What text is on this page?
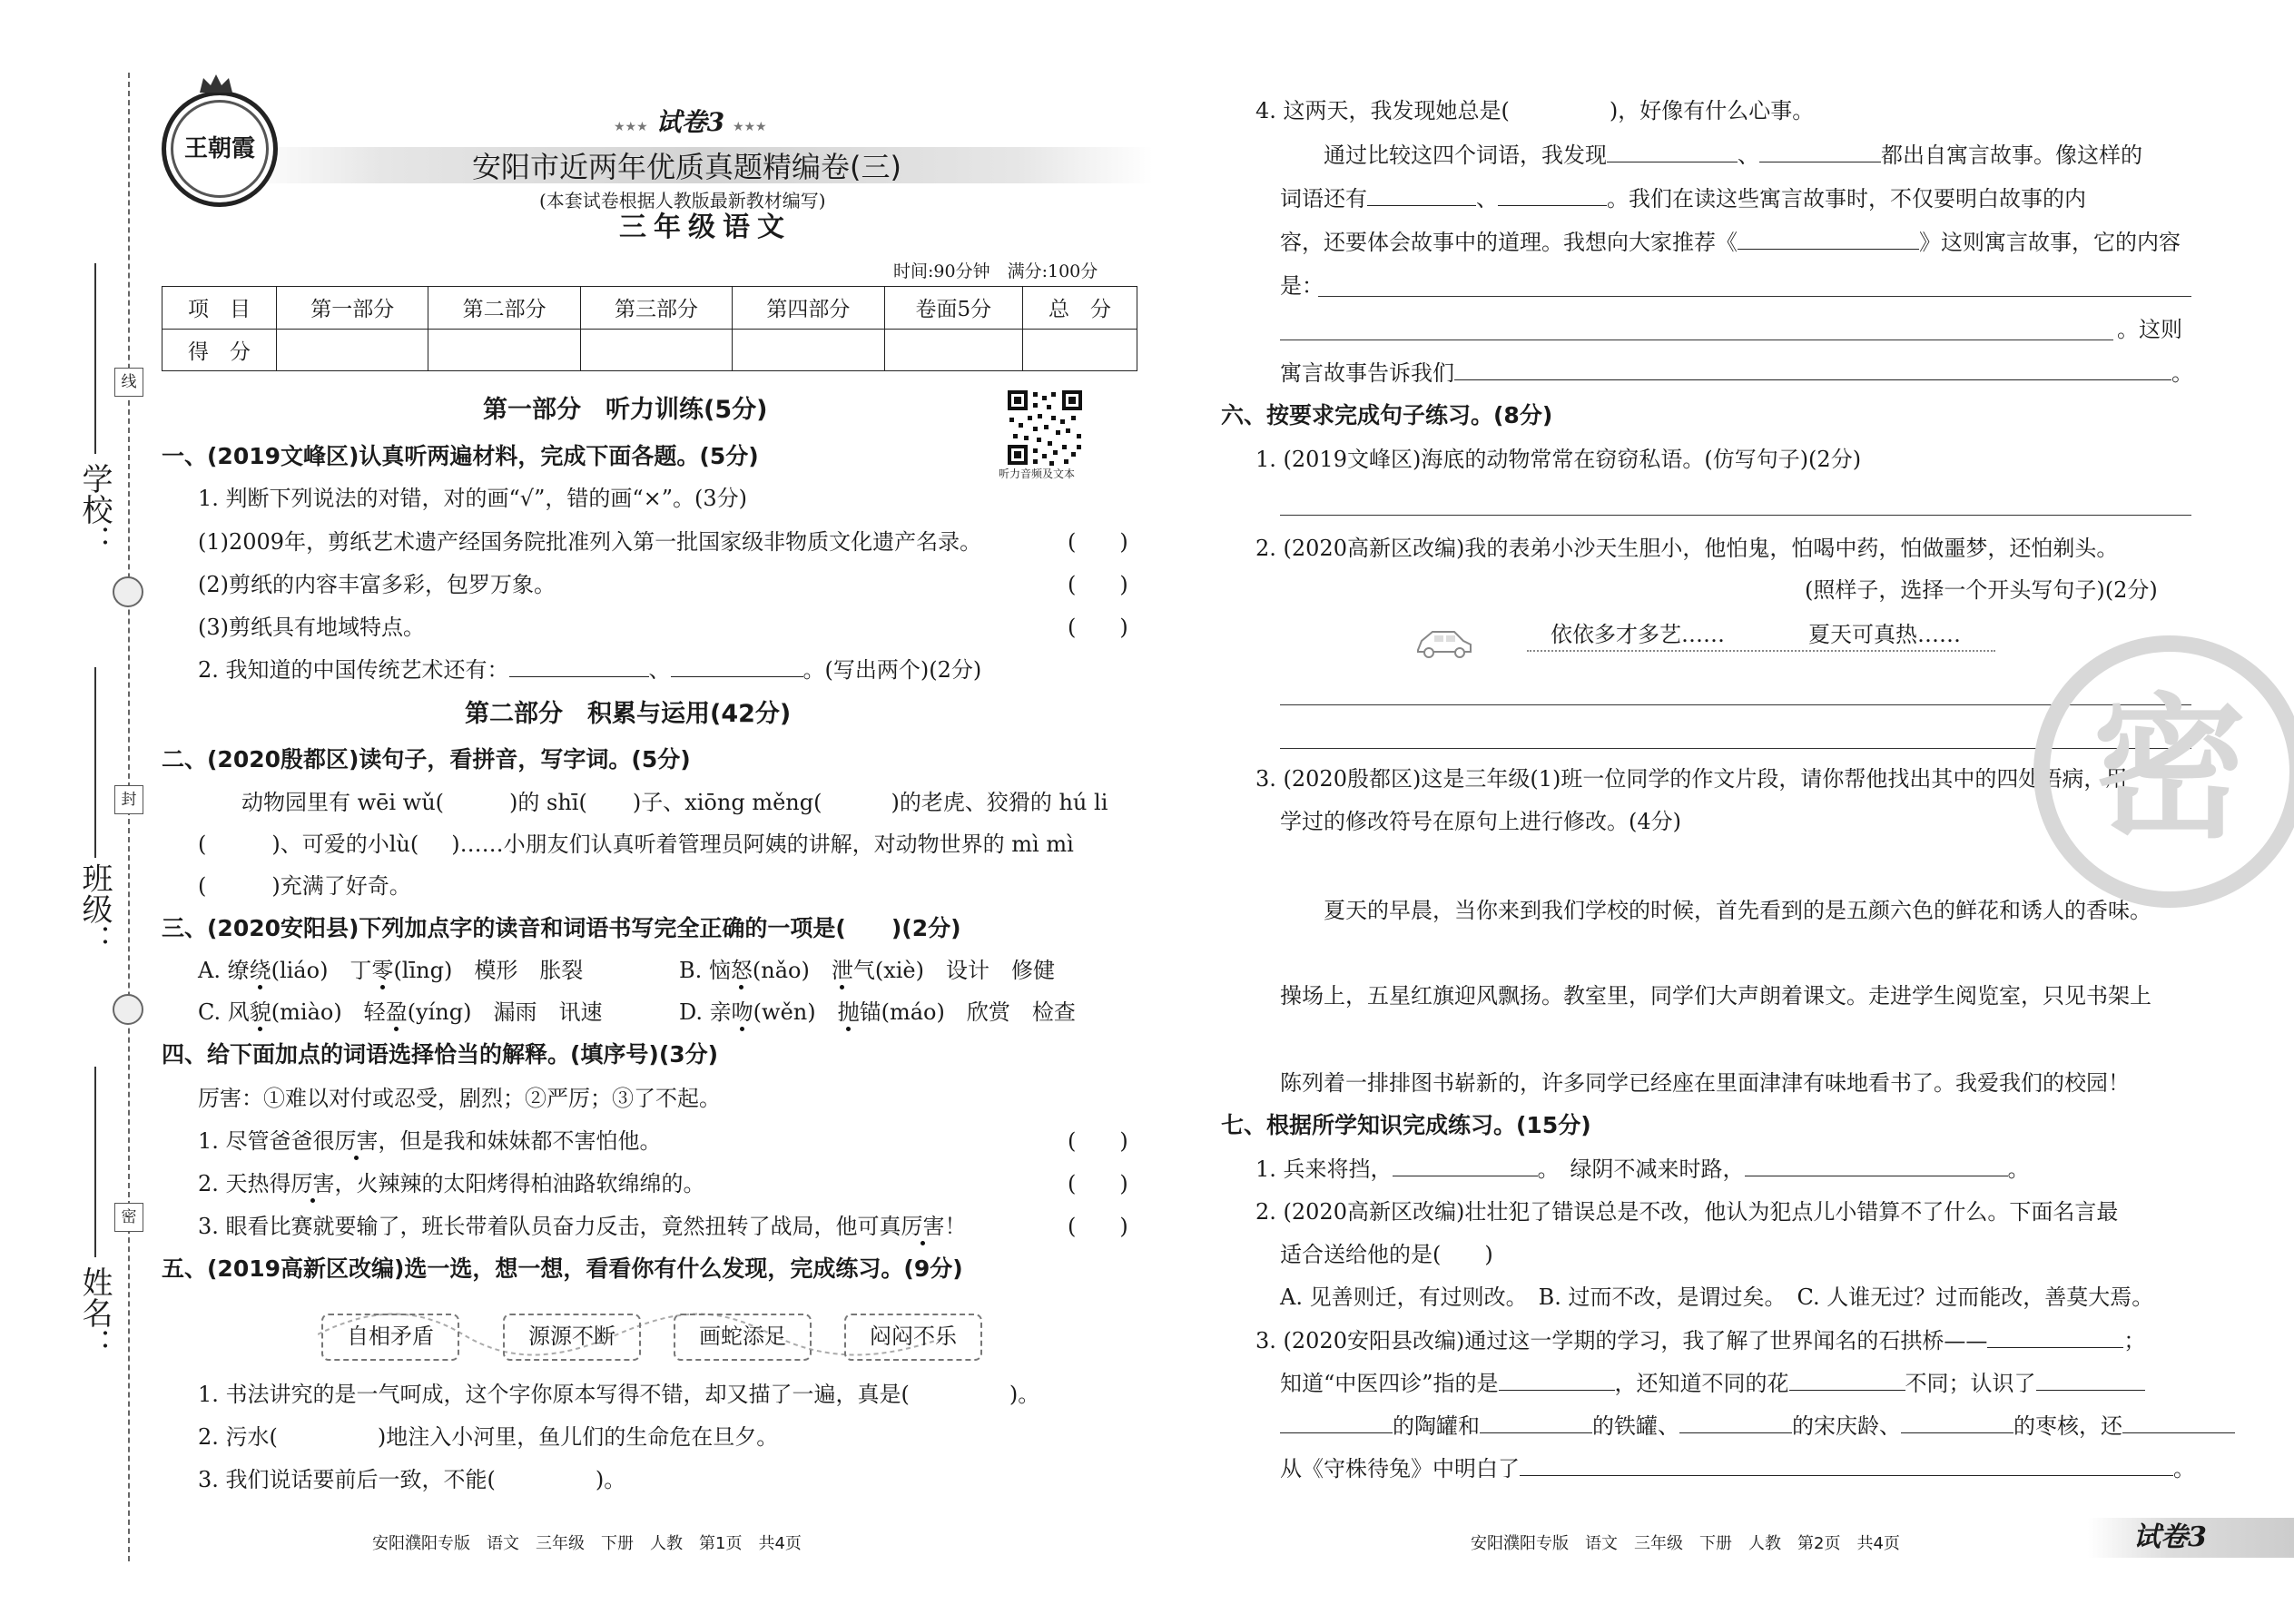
学校：
班级：
姓名：
线
封
密
王朝霞
★★★ 试卷3 ★★★
安阳市近两年优质真题精编卷(三)
(本套试卷根据人教版最新教材编写)
三年级语文
时间:90分钟　满分:100分
项　目	第一部分	第二部分	第三部分	第四部分	卷面5分	总　分
得　分						
听力音频及文本
第一部分　听力训练(5分)
一、(2019文峰区)认真听两遍材料，完成下面各题。(5分)
1. 判断下列说法的对错，对的画“√”，错的画“×”。(3分)
(1)2009年，剪纸艺术遗产经国务院批准列入第一批国家级非物质文化遗产名录。	(　　)
(2)剪纸的内容丰富多彩，包罗万象。	(　　)
(3)剪纸具有地域特点。	(　　)
2. 我知道的中国传统艺术还有：	、	。(写出两个)(2分)
第二部分　积累与运用(42分)
二、(2020殷都区)读句子，看拼音，写字词。(5分)
动物园里有 wēi wǔ(	)的 shī( )子、xiōng měng(	)的老虎、狡猾的 hú li
(	)、可爱的小lù( )……小朋友们认真听着管理员阿姨的讲解，对动物世界的 mì mì
(	)充满了好奇。
三、(2020安阳县)下列加点字的读音和词语书写完全正确的一项是(　　)(2分)
A. 缭绕(liáo)　丁零(līng)　模形　胀裂	B. 恼怒(nǎo)　泄气(xiè)　设计　修健
C. 风貌(miào)　轻盈(yíng)　漏雨　讯速	D. 亲吻(wěn)　抛锚(máo)　欣赏　检查
四、给下面加点的词语选择恰当的解释。(填序号)(3分)
厉害：①难以对付或忍受，剧烈；②严厉；③了不起。
1. 尽管爸爸很厉害，但是我和妹妹都不害怕他。	(　　)
2. 天热得厉害，火辣辣的太阳烤得柏油路软绵绵的。	(　　)
3. 眼看比赛就要输了，班长带着队员奋力反击，竟然扭转了战局，他可真厉害！	(　　)
五、(2019高新区改编)选一选，想一想，看看你有什么发现，完成练习。(9分)
自相矛盾	源源不断	画蛇添足	闷闷不乐
1. 书法讲究的是一气呵成，这个字你原本写得不错，却又描了一遍，真是(	)。
2. 污水(	)地注入小河里，鱼儿们的生命危在旦夕。
3. 我们说话要前后一致，不能(	)。
安阳濮阳专版　语文　三年级　下册　人教　第1页　共4页
4. 这两天，我发现她总是(	)，好像有什么心事。
通过比较这四个词语，我发现	、	都出自寓言故事。像这样的
词语还有	、	。我们在读这些寓言故事时，不仅要明白故事的内
容，还要体会故事中的道理。我想向大家推荐《	》这则寓言故事，它的内容
是：
。这则
寓言故事告诉我们	。
六、按要求完成句子练习。(8分)
1. (2019文峰区)海底的动物常常在窃窃私语。(仿写句子)(2分)
2. (2020高新区改编)我的表弟小沙天生胆小，他怕鬼，怕喝中药，怕做噩梦，还怕剃头。
(照样子，选择一个开头写句子)(2分)
依依多才多艺……	夏天可真热……
3. (2020殷都区)这是三年级(1)班一位同学的作文片段，请你帮他找出其中的四处语病，用
学过的修改符号在原句上进行修改。(4分)
夏天的早晨，当你来到我们学校的时候，首先看到的是五颜六色的鲜花和诱人的香味。
操场上，五星红旗迎风飘扬。教室里，同学们大声朗着课文。走进学生阅览室，只见书架上
陈列着一排排图书崭新的，许多同学已经座在里面津津有味地看书了。我爱我们的校园！
七、根据所学知识完成练习。(15分)
1. 兵来将挡，	。　绿阴不减来时路，	。
2. (2020高新区改编)壮壮犯了错误总是不改，他认为犯点儿小错算不了什么。下面名言最
适合送给他的是(　　)
A. 见善则迁，有过则改。　B. 过而不改，是谓过矣。　C. 人谁无过？过而能改，善莫大焉。
3. (2020安阳县改编)通过这一学期的学习，我了解了世界闻名的石拱桥——	；
知道“中医四诊”指的是	，还知道不同的花	不同；认识了
的陶罐和	的铁罐、	的宋庆龄、	的枣核，还
从《守株待兔》中明白了	。
安阳濮阳专版　语文　三年级　下册　人教　第2页　共4页	试卷3
密
